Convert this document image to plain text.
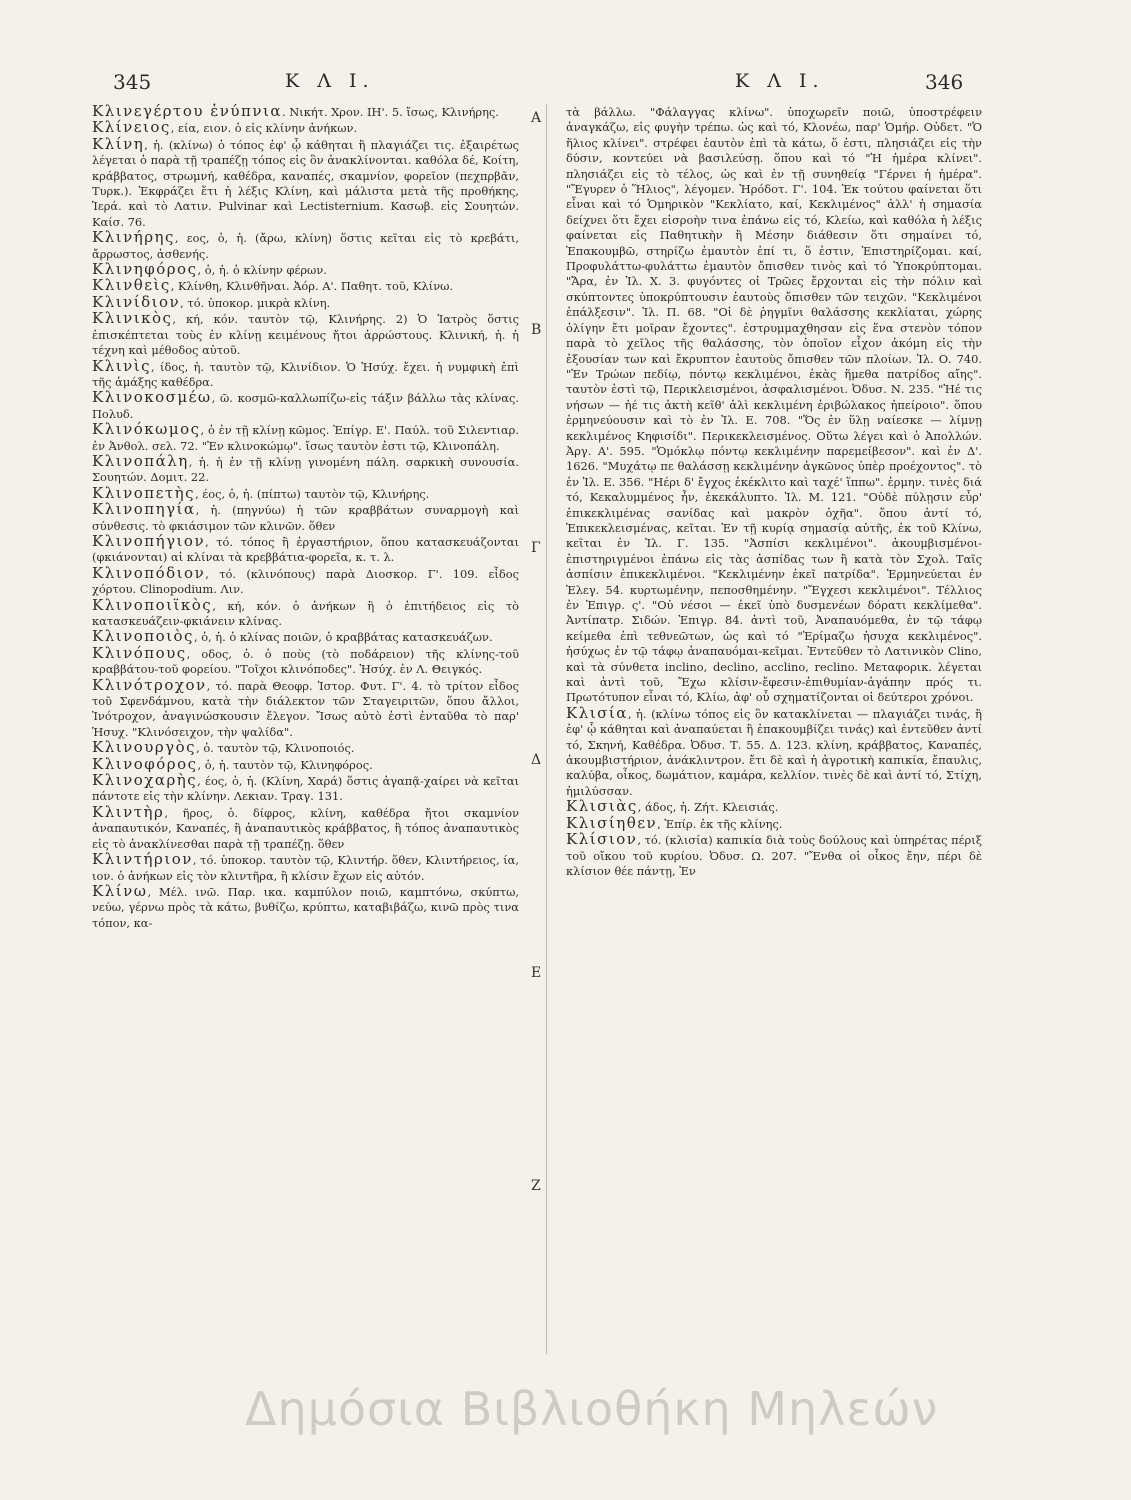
345	Κ Λ Ι.	Κ Λ Ι.	346
Α
Β
Γ
Δ
Ε
Ζ
Κλινεγέρτου ἐνύπνια. Νικήτ. Χρον. ΙΗ'. 5. ἴσως, Κλινήρης.
Κλίνειος, εία, ειον. ὁ εἰς κλίνην ἀνήκων.
Κλίνη, ἡ. (κλίνω) ὁ τόπος ἐφ' ᾧ κάθηται ἢ πλαγιάζει τις. ἐξαιρέτως λέγεται ὁ παρὰ τῇ τραπέζῃ τόπος εἰς ὃν ἀνακλίνονται. καθόλα δέ, Κοίτη, κράββατος, στρωμνή, καθέδρα, καναπές, σκαμνίον, φορεῖον (πεχπρβᾶν, Τυρκ.). Ἐκφράζει ἔτι ἡ λέξις Κλίνη, καὶ μάλιστα μετὰ τῆς προθήκης, Ἱερά. καὶ τὸ Λατιν. Pulvinar καὶ Lectisternium. Κασωβ. εἰς Σουητών. Καίσ. 76.
Κλινήρης, εος, ὁ, ἡ. (ἄρω, κλίνη) ὅστις κεῖται εἰς τὸ κρεβάτι, ἄρρωστος, ἀσθενής.
Κλινηφόρος, ὁ, ἡ. ὁ κλίνην φέρων.
Κλινθεὶς, Κλίνθη, Κλινθῆναι. Ἀόρ. Α'. Παθητ. τοῦ, Κλίνω.
Κλινίδιον, τό. ὑποκορ. μικρὰ κλίνη.
Κλινικὸς, κή, κόν. ταυτὸν τῷ, Κλινήρης. 2) Ὁ Ἰατρὸς ὅστις ἐπισκέπτεται τοὺς ἐν κλίνῃ κειμένους ἤτοι ἀρρώστους. Κλινική, ἡ. ἡ τέχνη καὶ μέθοδος αὐτοῦ.
Κλινὶς, ίδος, ἡ. ταυτὸν τῷ, Κλινίδιον. Ὁ Ἡσύχ. ἔχει. ἡ νυμφικὴ ἐπὶ τῆς ἁμάξης καθέδρα.
Κλινοκοσμέω, ῶ. κοσμῶ-καλλωπίζω-εἰς τάξιν βάλλω τὰς κλίνας. Πολυδ.
Κλινόκωμος, ὁ ἐν τῇ κλίνῃ κῶμος. Ἐπίγρ. Ε'. Παύλ. τοῦ Σιλεντιαρ. ἐν Ἀνθολ. σελ. 72. "Ἐν κλινοκώμῳ". ἴσως ταυτὸν ἐστι τῷ, Κλινοπάλη.
Κλινοπάλη, ἡ. ἡ ἐν τῇ κλίνῃ γινομένη πάλη. σαρκικὴ συνουσία. Σουητών. Δομιτ. 22.
Κλινοπετὴς, έος, ὁ, ἡ. (πίπτω) ταυτὸν τῷ, Κλινήρης.
Κλινοπηγία, ἡ. (πηγνύω) ἡ τῶν κραββάτων συναρμογὴ καὶ σύνθεσις. τὸ φκιάσιμον τῶν κλινῶν. ὅθεν
Κλινοπήγιον, τό. τόπος ἢ ἐργαστήριον, ὅπου κατασκευάζονται (φκιάνονται) αἱ κλίναι τὰ κρεββάτια-φορεῖα, κ. τ. λ.
Κλινοπόδιον, τό. (κλινόπους) παρὰ Διοσκορ. Γ'. 109. εἶδος χόρτου. Clinopodium. Λιν.
Κλινοποιϊκὸς, κή, κόν. ὁ ἀνήκων ἢ ὁ ἐπιτήδειος εἰς τὸ κατασκευάζειν-φκιάνειν κλίνας.
Κλινοποιὸς, ὁ, ἡ. ὁ κλίνας ποιῶν, ὁ κραββάτας κατασκευάζων.
Κλινόπους, οδος, ὁ. ὁ ποὺς (τὸ ποδάρειον) τῆς κλίνης-τοῦ κραββάτου-τοῦ φορείου. "Τοῖχοι κλινόποδες". Ἡσύχ. ἐν Λ. Θειγκός.
Κλινότροχον, τό. παρὰ Θεοφρ. Ἱστορ. Φυτ. Γ'. 4. τὸ τρίτον εἶδος τοῦ Σφενδάμνου, κατὰ τὴν διάλεκτον τῶν Σταγειριτῶν, ὅπου ἄλλοι, Ἰνότροχον, ἀναγινώσκουσιν ἔλεγον. Ἴσως αὐτὸ ἐστὶ ἐνταῦθα τὸ παρ' Ἡσυχ. "Κλινόσειχον, τὴν ψαλίδα".
Κλινουργὸς, ὁ. ταυτὸν τῷ, Κλινοποιός.
Κλινοφόρος, ὁ, ἡ. ταυτὸν τῷ, Κλινηφόρος.
Κλινοχαρὴς, έος, ὁ, ἡ. (Κλίνη, Χαρά) ὅστις ἀγαπᾷ-χαίρει νὰ κεῖται πάντοτε εἰς τὴν κλίνην. Λεκιαν. Τραγ. 131.
Κλιντὴρ, ῆρος, ὁ. δίφρος, κλίνη, καθέδρα ἤτοι σκαμνίον ἀναπαυτικόν, Καναπές, ἢ ἀναπαυτικὸς κράββατος, ἢ τόπος ἀναπαυτικὸς εἰς τὸ ἀνακλίνεσθαι παρὰ τῇ τραπέζῃ. ὅθεν
Κλιντήριον, τό. ὑποκορ. ταυτὸν τῷ, Κλιντήρ. ὅθεν, Κλιντήρειος, ία, ιον. ὁ ἀνήκων εἰς τὸν κλιντῆρα, ἢ κλίσιν ἔχων εἰς αὐτόν.
Κλίνω, Μέλ. ινῶ. Παρ. ικα. καμπύλον ποιῶ, καμπτόνω, σκύπτω, νεύω, γέρνω πρὸς τὰ κάτω, βυθίζω, κρύπτω, καταβιβάζω, κινῶ πρὸς τινα τόπον, κα-
τὰ βάλλω. "Φάλαγγας κλίνω". ὑποχωρεῖν ποιῶ, ὑποστρέφειν ἀναγκάζω, εἰς φυγὴν τρέπω. ὡς καὶ τό, Κλονέω, παρ' Ὁμήρ. Οὐδετ. "Ὁ ἥλιος κλίνει". στρέφει ἑαυτὸν ἐπὶ τὰ κάτω, ὅ ἐστι, πλησιάζει εἰς τὴν δύσιν, κοντεύει νὰ βασιλεύσῃ. ὅπου καὶ τό "Ἡ ἡμέρα κλίνει". πλησιάζει εἰς τὸ τέλος, ὡς καὶ ἐν τῇ συνηθείᾳ "Γέρνει ἡ ἡμέρα". "Ἔγυρεν ὁ Ἥλιος", λέγομεν. Ἡρόδοτ. Γ'. 104. Ἐκ τούτου φαίνεται ὅτι εἶναι καὶ τό Ὁμηρικὸν "Κεκλίατο, καί, Κεκλιμένος" ἀλλ' ἡ σημασία δείχνει ὅτι ἔχει εἰσροὴν τινα ἐπάνω εἰς τό, Κλείω, καὶ καθόλα ἡ λέξις φαίνεται εἰς Παθητικὴν ἢ Μέσην διάθεσιν ὅτι σημαίνει τό, Ἐπακουμβῶ, στηρίζω ἐμαυτὸν ἐπί τι, ὅ ἐστιν, Ἐπιστηρίζομαι. καί, Προφυλάττω-φυλάττω ἐμαυτὸν ὄπισθεν τινὸς καὶ τό Ὑποκρύπτομαι. "Ἄρα, ἐν Ἰλ. Χ. 3. φυγόντες οἱ Τρῶες ἔρχονται εἰς τὴν πόλιν καὶ σκύπτοντες ὑποκρύπτουσιν ἑαυτοὺς ὄπισθεν τῶν τειχῶν. "Κεκλιμένοι ἐπάλξεσιν". Ἰλ. Π. 68. "Οἱ δὲ ῥηγμῖνι θαλάσσης κεκλίαται, χώρης ὀλίγην ἔτι μοῖραν ἔχοντες". ἐστρυμμαχθησαν εἰς ἕνα στενὸν τόπον παρὰ τὸ χεῖλος τῆς θαλάσσης, τὸν ὁποῖον εἶχον ἀκόμη εἰς τὴν ἐξουσίαν των καὶ ἔκρυπτον ἑαυτοὺς ὄπισθεν τῶν πλοίων. Ἰλ. Ο. 740. "Ἐν Τρώων πεδίῳ, πόντῳ κεκλιμένοι, ἑκὰς ἥμεθα πατρίδος αἴης". ταυτὸν ἐστὶ τῷ, Περικλεισμένοι, ἀσφαλισμένοι. Ὀδυσ. Ν. 235. "Ἠέ τις νήσων — ἠέ τις ἀκτὴ κεῖθ' ἁλὶ κεκλιμένη ἐριβώλακος ἠπείροιο". ὅπου ἑρμηνεύουσιν καὶ τὸ ἐν Ἰλ. Ε. 708. "Ὅς ἐν ὕλῃ ναίεσκε — λίμνῃ κεκλιμένος Κηφισίδι". Περικεκλεισμένος. Οὕτω λέγει καὶ ὁ Ἀπολλών. Ἀργ. Α'. 595. "Ὁμόκλῳ πόντῳ κεκλιμένην παρεμείβεσον". καὶ ἐν Δ'. 1626. "Μυχάτῳ πε θαλάσσῃ κεκλιμένην ἀγκῶνος ὑπὲρ προέχοντος". τὸ ἐν Ἰλ. Ε. 356. "Ηέρι δ' ἔγχος ἐκέκλιτο καὶ ταχέ' ἵππω". ἑρμην. τινὲς διά τό, Κεκαλυμμένος ἦν, ἐκεκάλυπτο. Ἰλ. Μ. 121. "Οὐδὲ πύλῃσιν εὗρ' ἐπικεκλιμένας σανίδας καὶ μακρὸν ὀχῆα". ὅπου ἀντί τό, Ἐπικεκλεισμένας, κεῖται. Ἐν τῇ κυρίᾳ σημασίᾳ αὐτῆς, ἐκ τοῦ Κλίνω, κεῖται ἐν Ἰλ. Γ. 135. "Ἀσπίσι κεκλιμένοι". ἀκουμβισμένοι-ἐπιστηριγμένοι ἐπάνω εἰς τὰς ἀσπίδας των ἢ κατὰ τὸν Σχολ. Ταῖς ἀσπίσιν ἐπικεκλιμένοι. "Κεκλιμένην ἐκεῖ πατρίδα". Ἑρμηνεύεται ἐν Ἐλεγ. 54. κυρτωμένην, πεποσθημένην. "Ἔγχεσι κεκλιμένοι". Τέλλιος ἐν Ἐπιγρ. ς'. "Οὐ νέσοι — ἐκεῖ ὑπὸ δυσμενέων δόρατι κεκλίμεθα". Ἀντίπατρ. Σιδών. Ἐπιγρ. 84. ἀντὶ τοῦ, Ἀναπαυόμεθα, ἐν τῷ τάφῳ κείμεθα ἐπὶ τεθνεῶτων, ὡς καὶ τό "Ἐρίμαζω ἡσυχα κεκλιμένος". ἡσύχως ἐν τῷ τάφῳ ἀναπαυόμαι-κεῖμαι. Ἐντεῦθεν τὸ Λατινικὸν Clino, καὶ τὰ σύνθετα inclino, declino, acclino, reclino. Μεταφορικ. λέγεται καὶ ἀντὶ τοῦ, Ἔχω κλίσιν-ἔφεσιν-ἐπιθυμίαν-ἀγάπην πρός τι. Πρωτότυπον εἶναι τό, Κλίω, ἀφ' οὗ σχηματίζονται οἱ δεύτεροι χρόνοι.
Κλισία, ἡ. (κλίνω τόπος εἰς ὃν κατακλίνεται — πλαγιάζει τινάς, ἢ ἐφ' ᾧ κάθηται καὶ ἀναπαύεται ἢ ἐπακουμβίζει τινάς) καὶ ἐντεῦθεν ἀντί τό, Σκηνή, Καθέδρα. Ὀδυσ. Τ. 55. Δ. 123. κλίνη, κράββατος, Καναπές, ἀκουμβιστήριον, ἀνάκλιντρον. ἔτι δὲ καὶ ἡ ἀγροτικὴ καπικία, ἔπαυλις, καλύβα, οἶκος, δωμάτιον, καμάρα, κελλίον. τινὲς δὲ καὶ ἀντί τό, Στίχη, ἡμιλύσσαν.
Κλισιὰς, άδος, ἡ. Ζήτ. Κλεισιάς.
Κλισίηθεν, Ἐπίρ. ἐκ τῆς κλίνης.
Κλίσιον, τό. (κλισία) καπικία διὰ τοὺς δούλους καὶ ὑπηρέτας πέριξ τοῦ οἴκου τοῦ κυρίου. Ὀδυσ. Ω. 207. "Ἔνθα οἱ οἶκος ἔην, πέρι δὲ κλίσιον θέε πάντῃ, Ἐν
Δημόσια Βιβλιοθήκη Μηλεών
